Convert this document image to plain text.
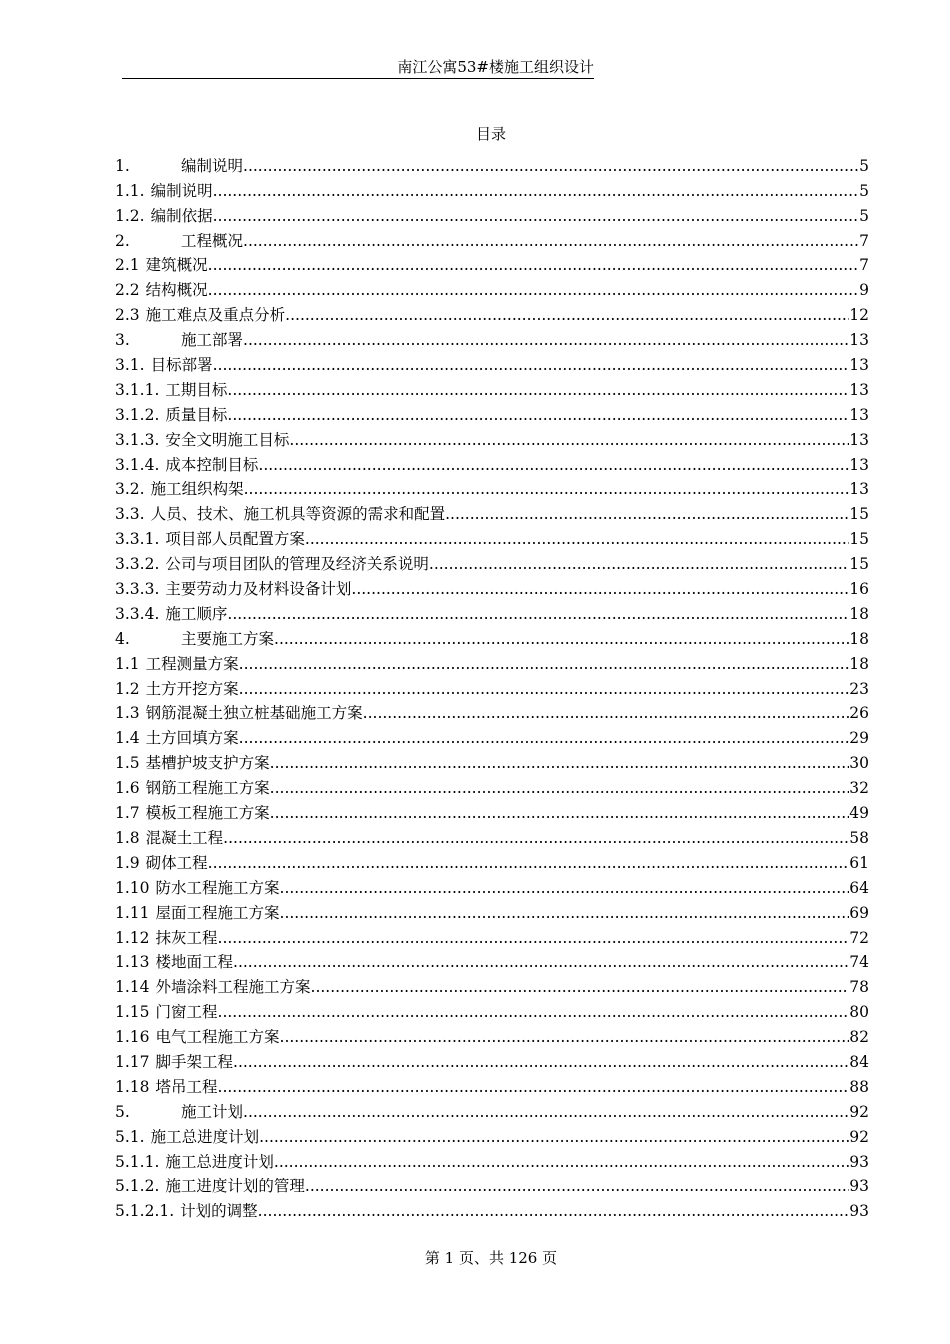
南江公寓53#楼施工组织设计
目录
1.	编制说明 .....	5
1.1. 编制说明 .....	5
1.2. 编制依据 .....	5
2.	工程概况 .....	7
2.1 建筑概况 .....	7
2.2 结构概况 .....	9
2.3 施工难点及重点分析 .....	12
3.	施工部署 .....	13
3.1. 目标部署 .....	13
3.1.1. 工期目标 .....	13
3.1.2. 质量目标 .....	13
3.1.3. 安全文明施工目标 .....	13
3.1.4. 成本控制目标 .....	13
3.2. 施工组织构架 .....	13
3.3. 人员、技术、施工机具等资源的需求和配置 .....	15
3.3.1. 项目部人员配置方案 .....	15
3.3.2. 公司与项目团队的管理及经济关系说明 .....	15
3.3.3. 主要劳动力及材料设备计划 .....	16
3.3.4. 施工顺序 .....	18
4.	主要施工方案 .....	18
1.1 工程测量方案 .....	18
1.2 土方开挖方案 .....	23
1.3 钢筋混凝土独立桩基础施工方案 .....	26
1.4 土方回填方案 .....	29
1.5 基槽护坡支护方案 .....	30
1.6 钢筋工程施工方案 .....	32
1.7 模板工程施工方案 .....	49
1.8 混凝土工程 .....	58
1.9 砌体工程 .....	61
1.10 防水工程施工方案 .....	64
1.11 屋面工程施工方案 .....	69
1.12 抹灰工程 .....	72
1.13 楼地面工程 .....	74
1.14 外墙涂料工程施工方案 .....	78
1.15 门窗工程 .....	80
1.16 电气工程施工方案 .....	82
1.17 脚手架工程 .....	84
1.18 塔吊工程 .....	88
5.	施工计划 .....	92
5.1. 施工总进度计划 .....	92
5.1.1. 施工总进度计划 .....	93
5.1.2. 施工进度计划的管理 .....	93
5.1.2.1. 计划的调整 .....	93
第 1 页、共 126 页
